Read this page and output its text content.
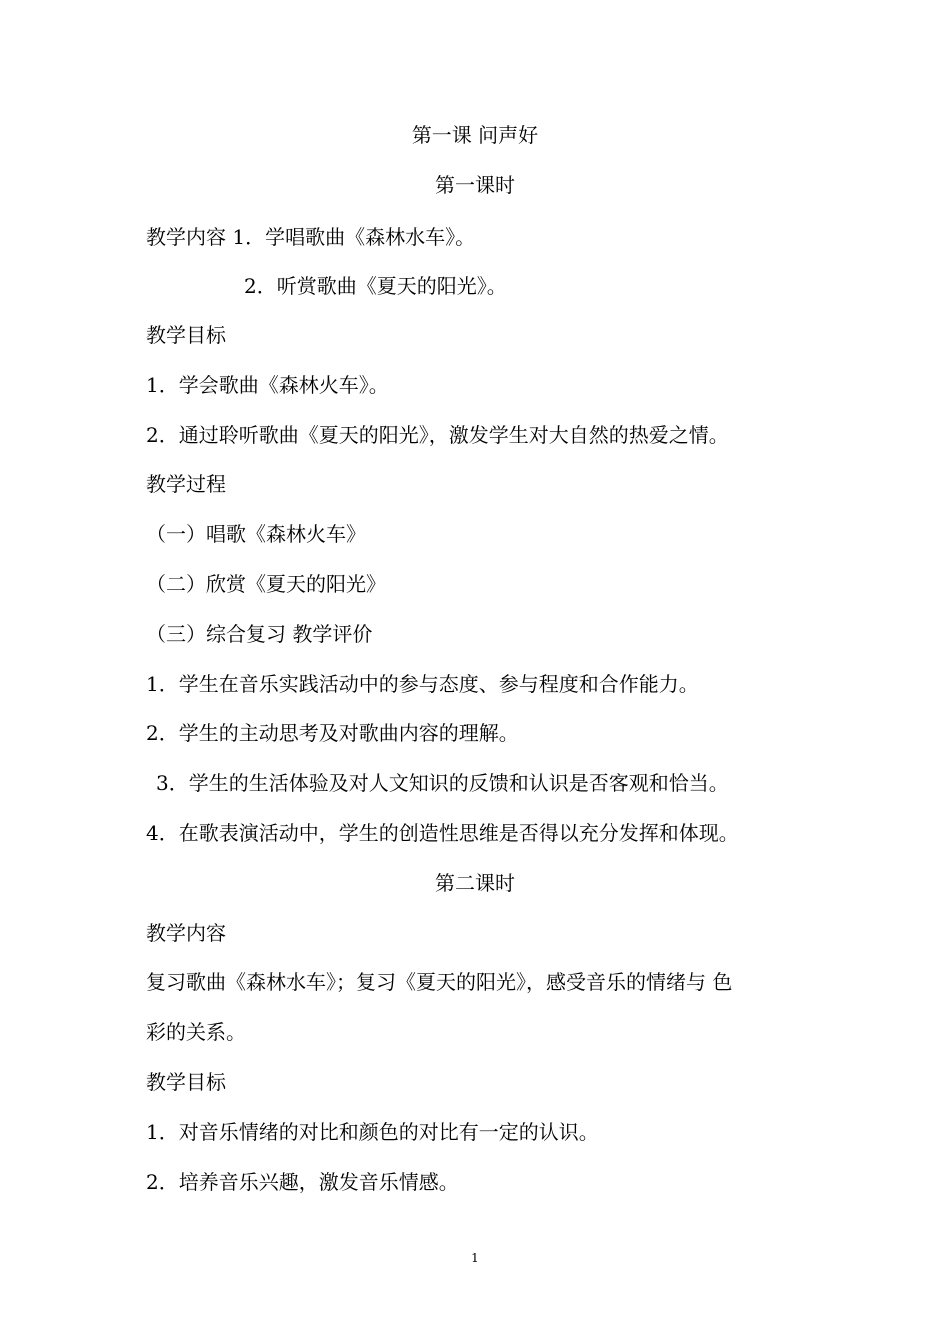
第一课 问声好
第一课时
教学内容 1．学唱歌曲《森林水车》。
2．听赏歌曲《夏天的阳光》。
教学目标
1．学会歌曲《森林火车》。
2．通过聆听歌曲《夏天的阳光》，激发学生对大自然的热爱之情。
教学过程
（一）唱歌《森林火车》
（二）欣赏《夏天的阳光》
（三）综合复习 教学评价
1．学生在音乐实践活动中的参与态度、参与程度和合作能力。
2．学生的主动思考及对歌曲内容的理解。
3．学生的生活体验及对人文知识的反馈和认识是否客观和恰当。
4．在歌表演活动中，学生的创造性思维是否得以充分发挥和体现。
第二课时
教学内容
复习歌曲《森林水车》；复习《夏天的阳光》，感受音乐的情绪与 色
彩的关系。
教学目标
1．对音乐情绪的对比和颜色的对比有一定的认识。
2．培养音乐兴趣，激发音乐情感。
1
